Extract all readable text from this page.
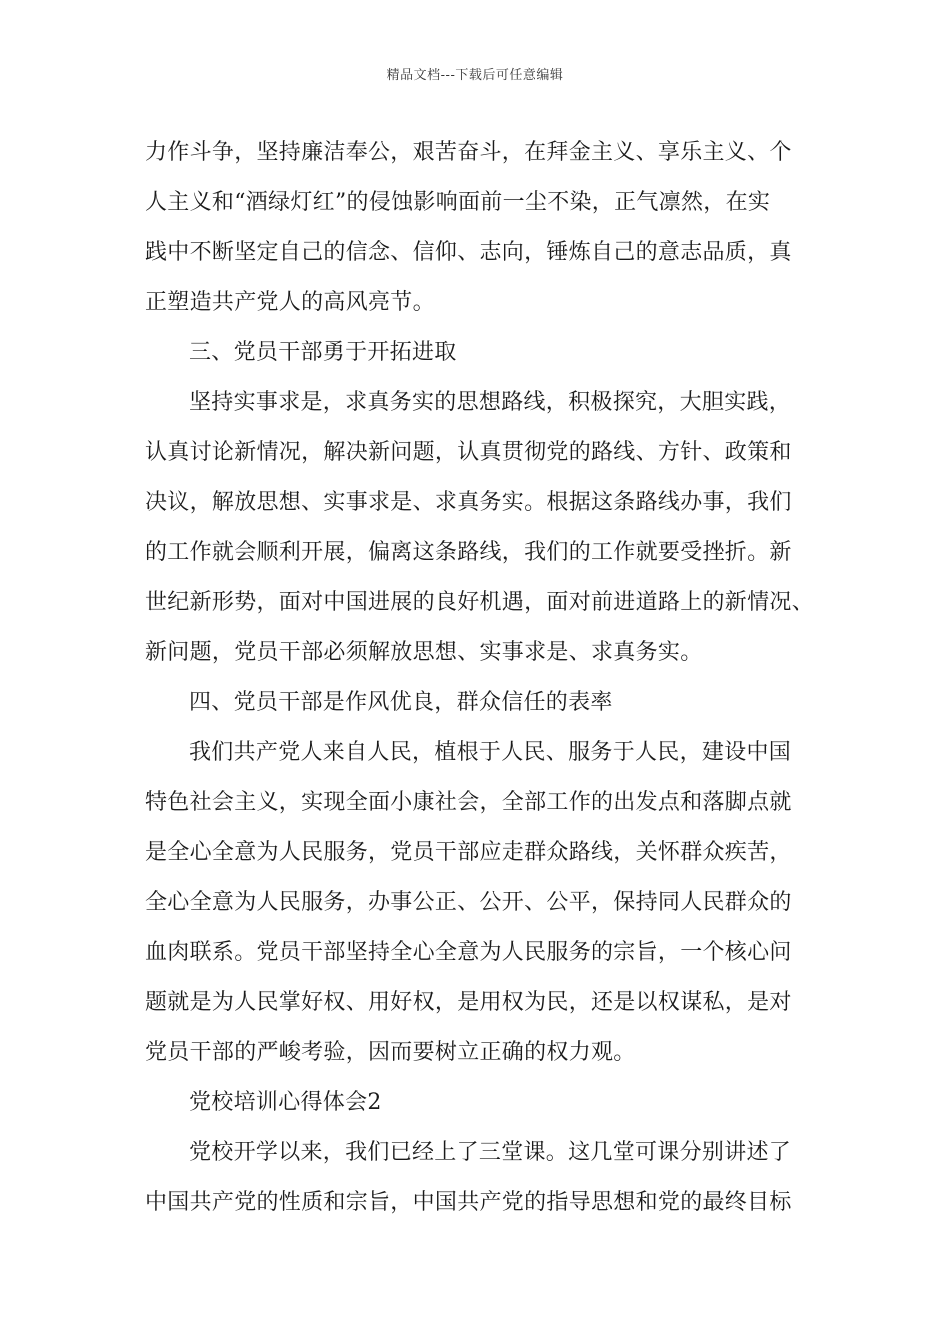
精品文档---下载后可任意编辑
力作斗争，坚持廉洁奉公，艰苦奋斗，在拜金主义、享乐主义、个
人主义和“酒绿灯红”的侵蚀影响面前一尘不染，正气凛然，在实
践中不断坚定自己的信念、信仰、志向，锤炼自己的意志品质，真
正塑造共产党人的高风亮节。
三、党员干部勇于开拓进取
坚持实事求是，求真务实的思想路线，积极探究，大胆实践，
认真讨论新情况，解决新问题，认真贯彻党的路线、方针、政策和
决议，解放思想、实事求是、求真务实。根据这条路线办事，我们
的工作就会顺利开展，偏离这条路线，我们的工作就要受挫折。新
世纪新形势，面对中国进展的良好机遇，面对前进道路上的新情况、
新问题，党员干部必须解放思想、实事求是、求真务实。
四、党员干部是作风优良，群众信任的表率
我们共产党人来自人民，植根于人民、服务于人民，建设中国
特色社会主义，实现全面小康社会，全部工作的出发点和落脚点就
是全心全意为人民服务，党员干部应走群众路线，关怀群众疾苦，
全心全意为人民服务，办事公正、公开、公平，保持同人民群众的
血肉联系。党员干部坚持全心全意为人民服务的宗旨，一个核心问
题就是为人民掌好权、用好权，是用权为民，还是以权谋私，是对
党员干部的严峻考验，因而要树立正确的权力观。
党校培训心得体会2
党校开学以来，我们已经上了三堂课。这几堂可课分别讲述了
中国共产党的性质和宗旨，中国共产党的指导思想和党的最终目标
